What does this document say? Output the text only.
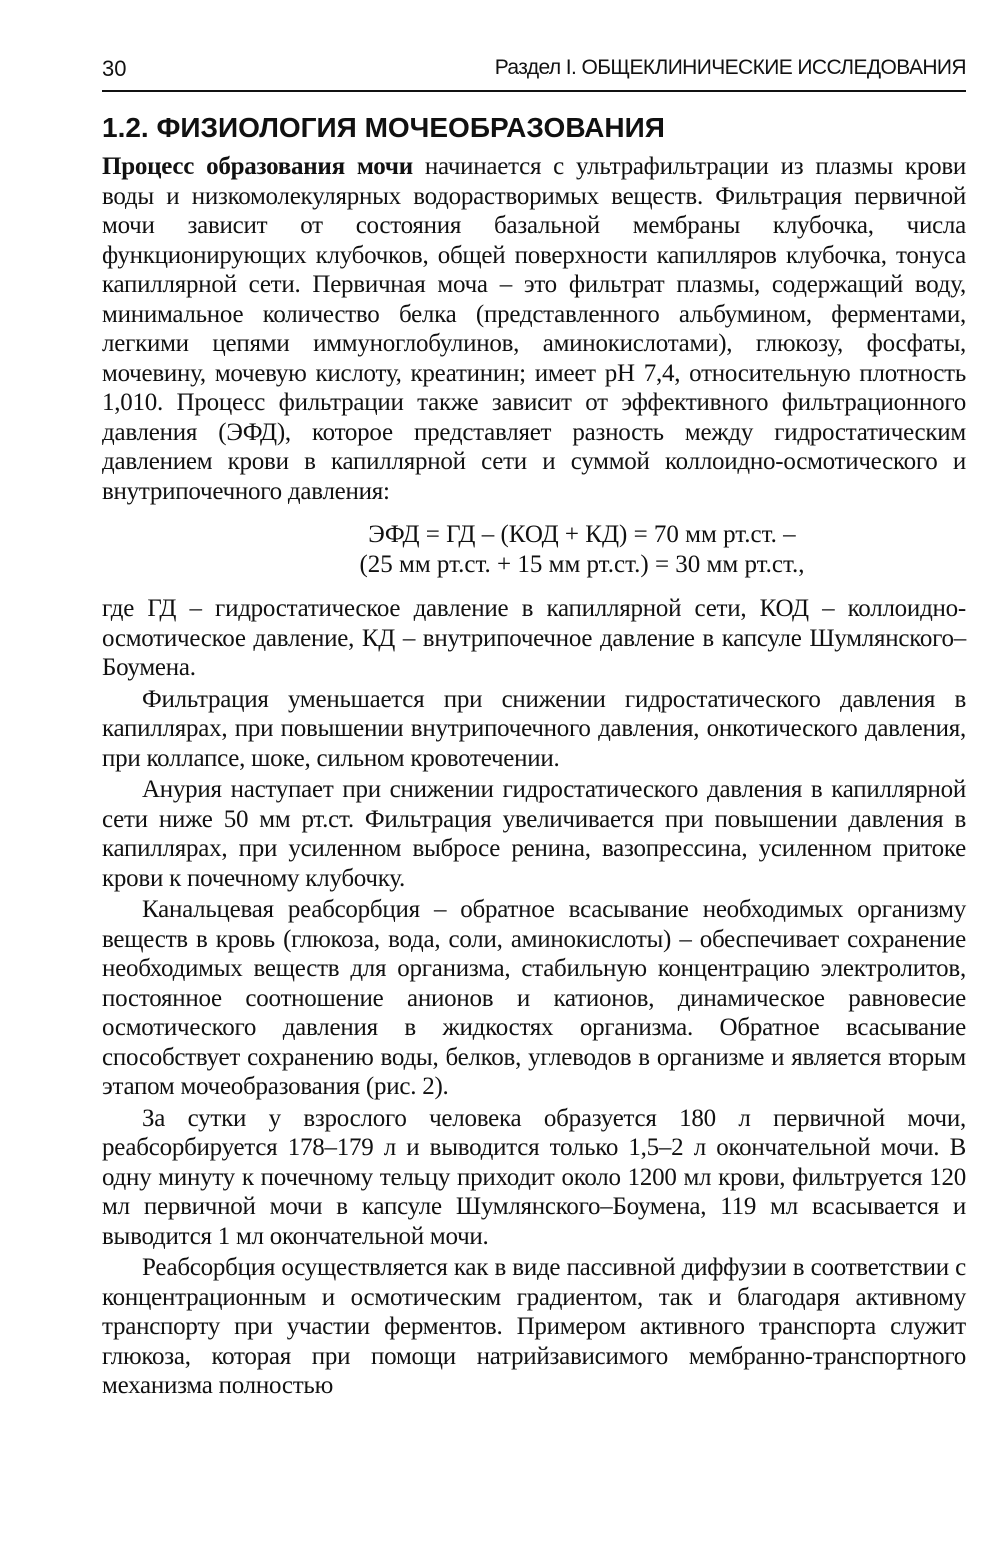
30	Раздел I. ОБЩЕКЛИНИЧЕСКИЕ ИССЛЕДОВАНИЯ
1.2. ФИЗИОЛОГИЯ МОЧЕОБРАЗОВАНИЯ

Процесс образования мочи начинается с ультрафильтрации из плазмы крови воды и низкомолекулярных водорастворимых веществ. Фильтрация первичной мочи зависит от состояния базальной мембраны клубочка, числа функционирующих клубочков, общей поверхности капилляров клубочка, тонуса капиллярной сети. Первичная моча – это фильтрат плазмы, содержащий воду, минимальное количество белка (представленного альбумином, ферментами, легкими цепями иммуноглобулинов, аминокислотами), глюкозу, фосфаты, мочевину, мочевую кислоту, креатинин; имеет pH 7,4, относительную плотность 1,010. Процесс фильтрации также зависит от эффективного фильтрационного давления (ЭФД), которое представляет разность между гидростатическим давлением крови в капиллярной сети и суммой коллоидно-осмотического и внутрипочечного давления:

ЭФД = ГД – (КОД + КД) = 70 мм рт.ст. –
(25 мм рт.ст. + 15 мм рт.ст.) = 30 мм рт.ст.,

где ГД – гидростатическое давление в капиллярной сети, КОД – коллоидно-осмотическое давление, КД – внутрипочечное давление в капсуле Шумлянского–Боумена.

Фильтрация уменьшается при снижении гидростатического давления в капиллярах, при повышении внутрипочечного давления, онкотического давления, при коллапсе, шоке, сильном кровотечении.

Анурия наступает при снижении гидростатического давления в капиллярной сети ниже 50 мм рт.ст. Фильтрация увеличивается при повышении давления в капиллярах, при усиленном выбросе ренина, вазопрессина, усиленном притоке крови к почечному клубочку.

Канальцевая реабсорбция – обратное всасывание необходимых организму веществ в кровь (глюкоза, вода, соли, аминокислоты) – обеспечивает сохранение необходимых веществ для организма, стабильную концентрацию электролитов, постоянное соотношение анионов и катионов, динамическое равновесие осмотического давления в жидкостях организма. Обратное всасывание способствует сохранению воды, белков, углеводов в организме и является вторым этапом мочеобразования (рис. 2).

За сутки у взрослого человека образуется 180 л первичной мочи, реабсорбируется 178–179 л и выводится только 1,5–2 л окончательной мочи. В одну минуту к почечному тельцу приходит около 1200 мл крови, фильтруется 120 мл первичной мочи в капсуле Шумлянского–Боумена, 119 мл всасывается и выводится 1 мл окончательной мочи.

Реабсорбция осуществляется как в виде пассивной диффузии в соответствии с концентрационным и осмотическим градиентом, так и благодаря активному транспорту при участии ферментов. Примером активного транспорта служит глюкоза, которая при помощи натрийзависимого мембранно-транспортного механизма полностью
